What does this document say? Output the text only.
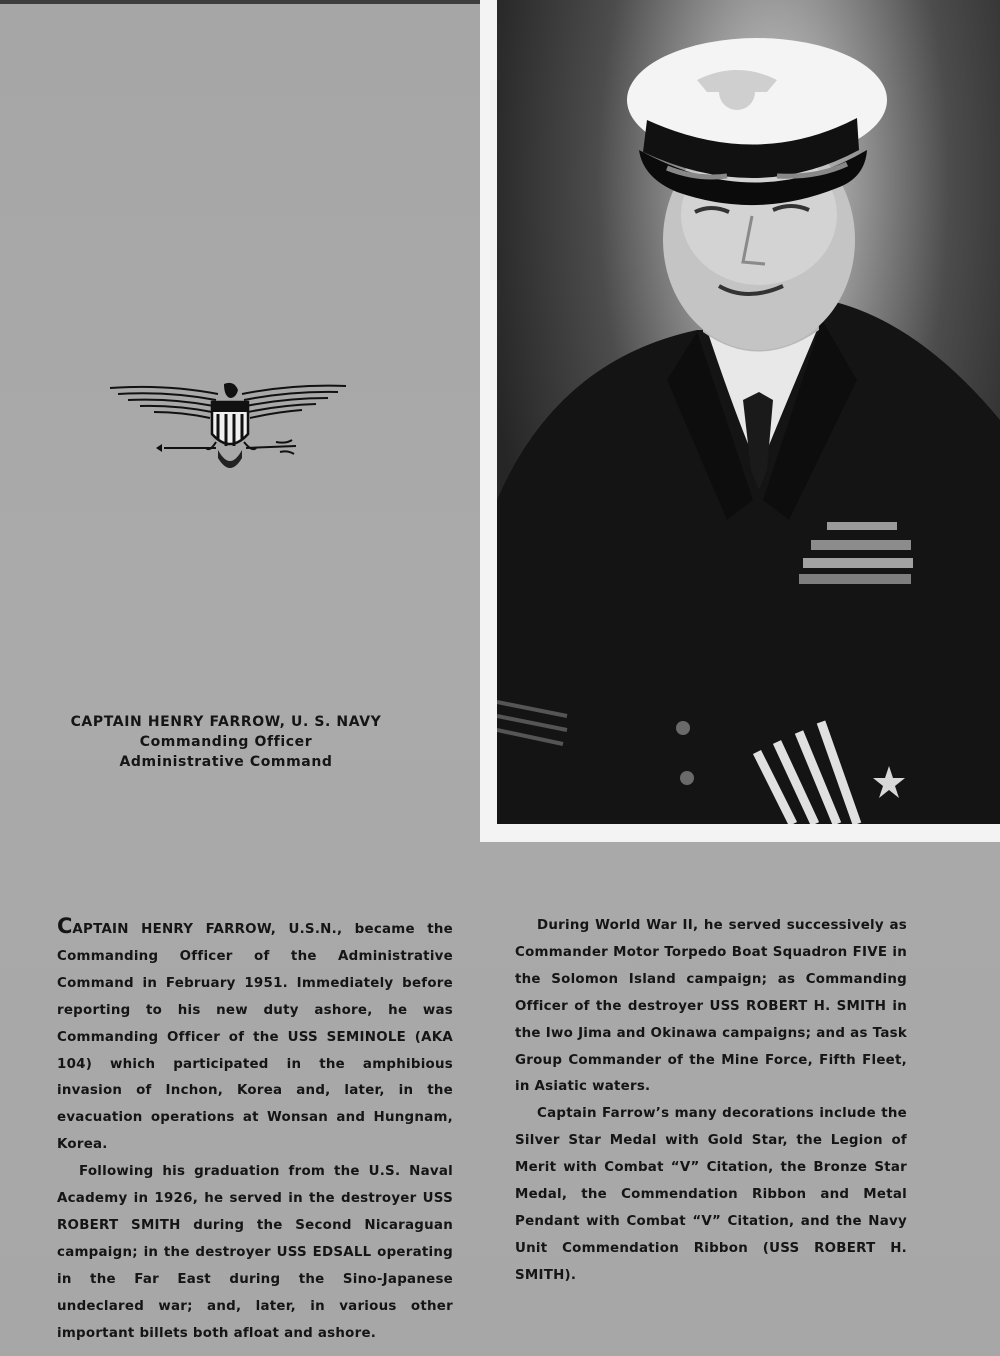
CAPTAIN HENRY FARROW, U. S. NAVY
Commanding Officer
Administrative Command

CAPTAIN HENRY FARROW, U.S.N., became the Commanding Officer of the Administrative Command in February 1951. Immediately before reporting to his new duty ashore, he was Commanding Officer of the USS SEMINOLE (AKA 104) which participated in the amphibious invasion of Inchon, Korea and, later, in the evacuation operations at Wonsan and Hungnam, Korea.

Following his graduation from the U.S. Naval Academy in 1926, he served in the destroyer USS ROBERT SMITH during the Second Nicaraguan campaign; in the destroyer USS EDSALL operating in the Far East during the Sino-Japanese undeclared war; and, later, in various other important billets both afloat and ashore.

During World War II, he served successively as Commander Motor Torpedo Boat Squadron FIVE in the Solomon Island campaign; as Commanding Officer of the destroyer USS ROBERT H. SMITH in the Iwo Jima and Okinawa campaigns; and as Task Group Commander of the Mine Force, Fifth Fleet, in Asiatic waters.

Captain Farrow’s many decorations include the Silver Star Medal with Gold Star, the Legion of Merit with Combat “V” Citation, the Bronze Star Medal, the Commendation Ribbon and Metal Pendant with Combat “V” Citation, and the Navy Unit Commendation Ribbon (USS ROBERT H. SMITH).
